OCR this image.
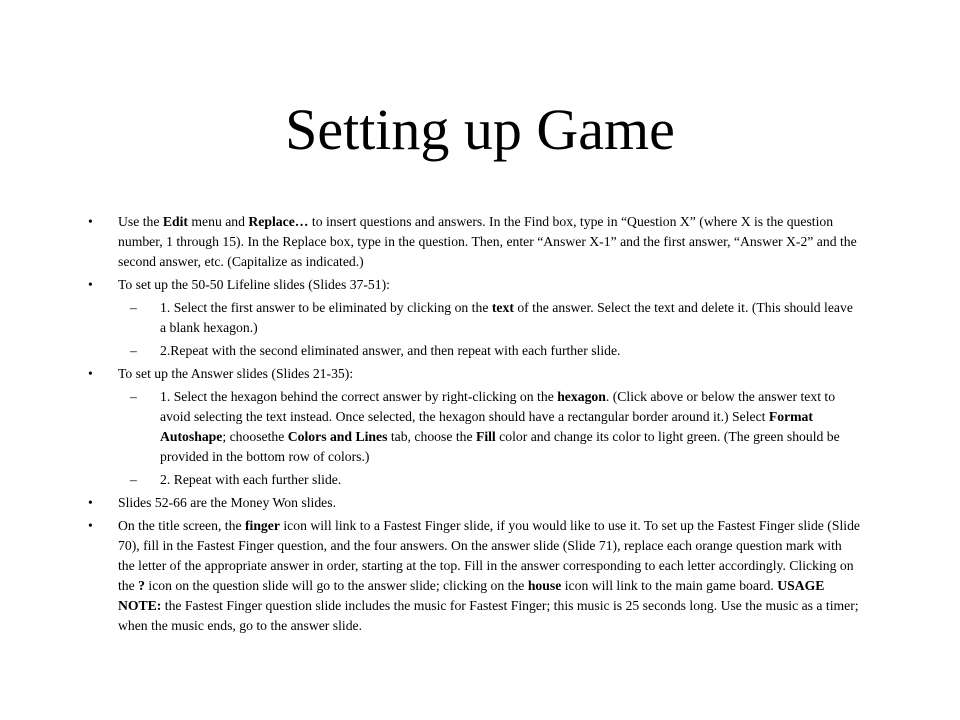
Setting up Game
• Use the Edit menu and Replace… to insert questions and answers. In the Find box, type in “Question X” (where X is the question number, 1 through 15). In the Replace box, type in the question. Then, enter “Answer X-1” and the first answer, “Answer X-2” and the second answer, etc. (Capitalize as indicated.)
• To set up the 50-50 Lifeline slides (Slides 37-51):
– 1. Select the first answer to be eliminated by clicking on the text of the answer. Select the text and delete it. (This should leave a blank hexagon.)
– 2.Repeat with the second eliminated answer, and then repeat with each further slide.
• To set up the Answer slides (Slides 21-35):
– 1. Select the hexagon behind the correct answer by right-clicking on the hexagon. (Click above or below the answer text to avoid selecting the text instead. Once selected, the hexagon should have a rectangular border around it.) Select Format Autoshape; choosethe Colors and Lines tab, choose the Fill color and change its color to light green. (The green should be provided in the bottom row of colors.)
– 2. Repeat with each further slide.
• Slides 52-66 are the Money Won slides.
• On the title screen, the finger icon will link to a Fastest Finger slide, if you would like to use it. To set up the Fastest Finger slide (Slide 70), fill in the Fastest Finger question, and the four answers. On the answer slide (Slide 71), replace each orange question mark with the letter of the appropriate answer in order, starting at the top. Fill in the answer corresponding to each letter accordingly. Clicking on the ? icon on the question slide will go to the answer slide; clicking on the house icon will link to the main game board. USAGE NOTE: the Fastest Finger question slide includes the music for Fastest Finger; this music is 25 seconds long. Use the music as a timer; when the music ends, go to the answer slide.
